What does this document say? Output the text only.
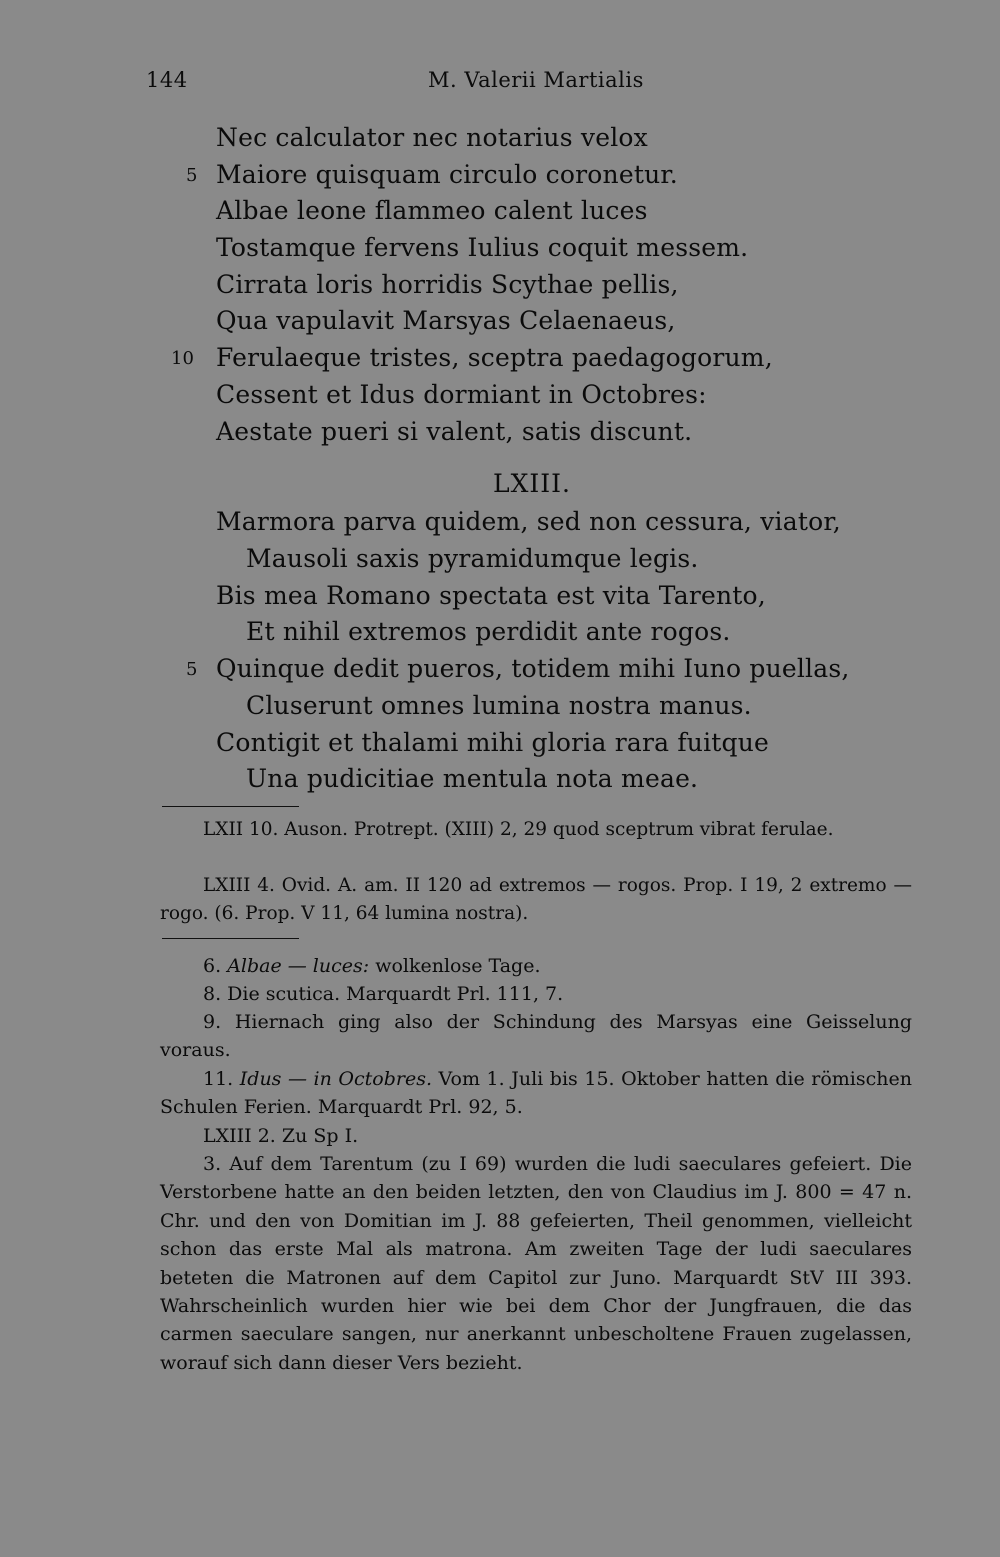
144	M. Valerii Martialis
Nec calculator nec notarius velox
5 Maiore quisquam circulo coronetur.
Albae leone flammeo calent luces
Tostamque fervens Iulius coquit messem.
Cirrata loris horridis Scythae pellis,
Qua vapulavit Marsyas Celaenaeus,
10 Ferulaeque tristes, sceptra paedagogorum,
Cessent et Idus dormiant in Octobres:
Aestate pueri si valent, satis discunt.
LXIII.
Marmora parva quidem, sed non cessura, viator,
Mausoli saxis pyramidumque legis.
Bis mea Romano spectata est vita Tarento,
Et nihil extremos perdidit ante rogos.
5 Quinque dedit pueros, totidem mihi Iuno puellas,
Cluserunt omnes lumina nostra manus.
Contigit et thalami mihi gloria rara fuitque
Una pudicitiae mentula nota meae.
LXII 10. Auson. Protrept. (XIII) 2, 29 quod sceptrum vibrat ferulae.
LXIII 4. Ovid. A. am. II 120 ad extremos — rogos. Prop. I 19, 2 extremo — rogo. (6. Prop. V 11, 64 lumina nostra).
6. Albae — luces: wolkenlose Tage.
8. Die scutica. Marquardt Prl. 111, 7.
9. Hiernach ging also der Schindung des Marsyas eine Geisselung voraus.
11. Idus — in Octobres. Vom 1. Juli bis 15. Oktober hatten die römischen Schulen Ferien. Marquardt Prl. 92, 5.
LXIII 2. Zu Sp I.
3. Auf dem Tarentum (zu I 69) wurden die ludi saeculares gefeiert. Die Verstorbene hatte an den beiden letzten, den von Claudius im J. 800 = 47 n. Chr. und den von Domitian im J. 88 gefeierten, Theil genommen, vielleicht schon das erste Mal als matrona. Am zweiten Tage der ludi saeculares beteten die Matronen auf dem Capitol zur Juno. Marquardt StV III 393. Wahrscheinlich wurden hier wie bei dem Chor der Jungfrauen, die das carmen saeculare sangen, nur anerkannt unbescholtene Frauen zugelassen, worauf sich dann dieser Vers bezieht.
